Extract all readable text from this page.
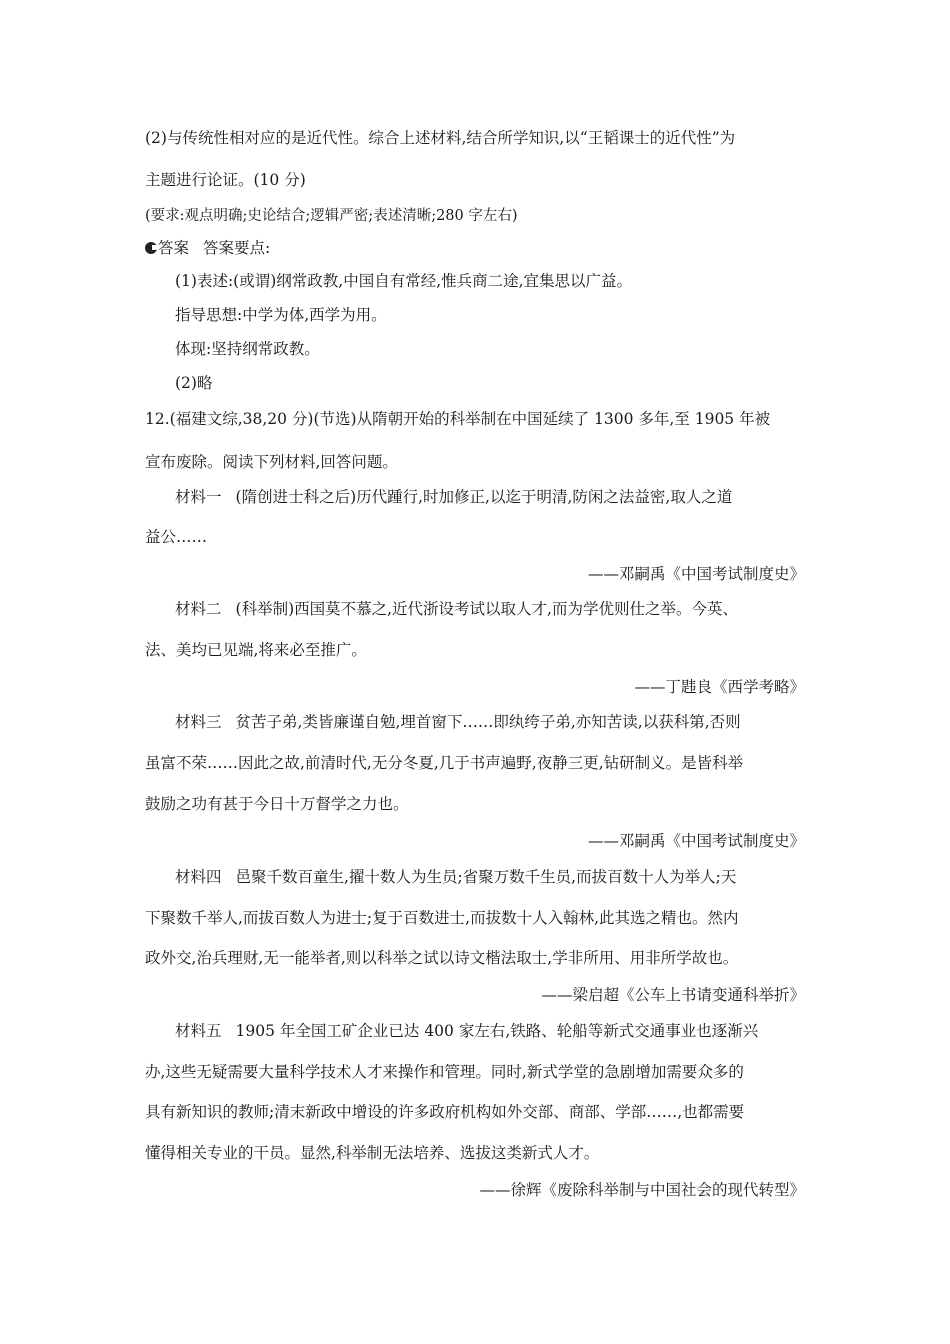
(2)与传统性相对应的是近代性。综合上述材料,结合所学知识,以“王韬课士的近代性”为
主题进行论证。(10 分)
(要求:观点明确;史论结合;逻辑严密;表述清晰;280 字左右)
答案 答案要点:
(1)表述:(或谓)纲常政教,中国自有常经,惟兵商二途,宜集思以广益。
指导思想:中学为体,西学为用。
体现:坚持纲常政教。
(2)略
12.(福建文综,38,20 分)(节选)从隋朝开始的科举制在中国延续了 1300 多年,至 1905 年被
宣布废除。阅读下列材料,回答问题。
材料一 (隋创进士科之后)历代踵行,时加修正,以迄于明清,防闲之法益密,取人之道
益公……
——邓嗣禹《中国考试制度史》
材料二 (科举制)西国莫不慕之,近代浙设考试以取人才,而为学优则仕之举。今英、
法、美均已见端,将来必至推广。
——丁韪良《西学考略》
材料三 贫苦子弟,类皆廉谨自勉,埋首窗下……即纨绔子弟,亦知苦读,以获科第,否则
虽富不荣……因此之故,前清时代,无分冬夏,几于书声遍野,夜静三更,钻研制义。是皆科举
鼓励之功有甚于今日十万督学之力也。
——邓嗣禹《中国考试制度史》
材料四 邑聚千数百童生,擢十数人为生员;省聚万数千生员,而拔百数十人为举人;天
下聚数千举人,而拔百数人为进士;复于百数进士,而拔数十人入翰林,此其选之精也。然内
政外交,治兵理财,无一能举者,则以科举之试以诗文楷法取士,学非所用、用非所学故也。
——梁启超《公车上书请变通科举折》
材料五 1905 年全国工矿企业已达 400 家左右,铁路、轮船等新式交通事业也逐渐兴
办,这些无疑需要大量科学技术人才来操作和管理。同时,新式学堂的急剧增加需要众多的
具有新知识的教师;清末新政中增设的许多政府机构如外交部、商部、学部……,也都需要
懂得相关专业的干员。显然,科举制无法培养、选拔这类新式人才。
——徐辉《废除科举制与中国社会的现代转型》
